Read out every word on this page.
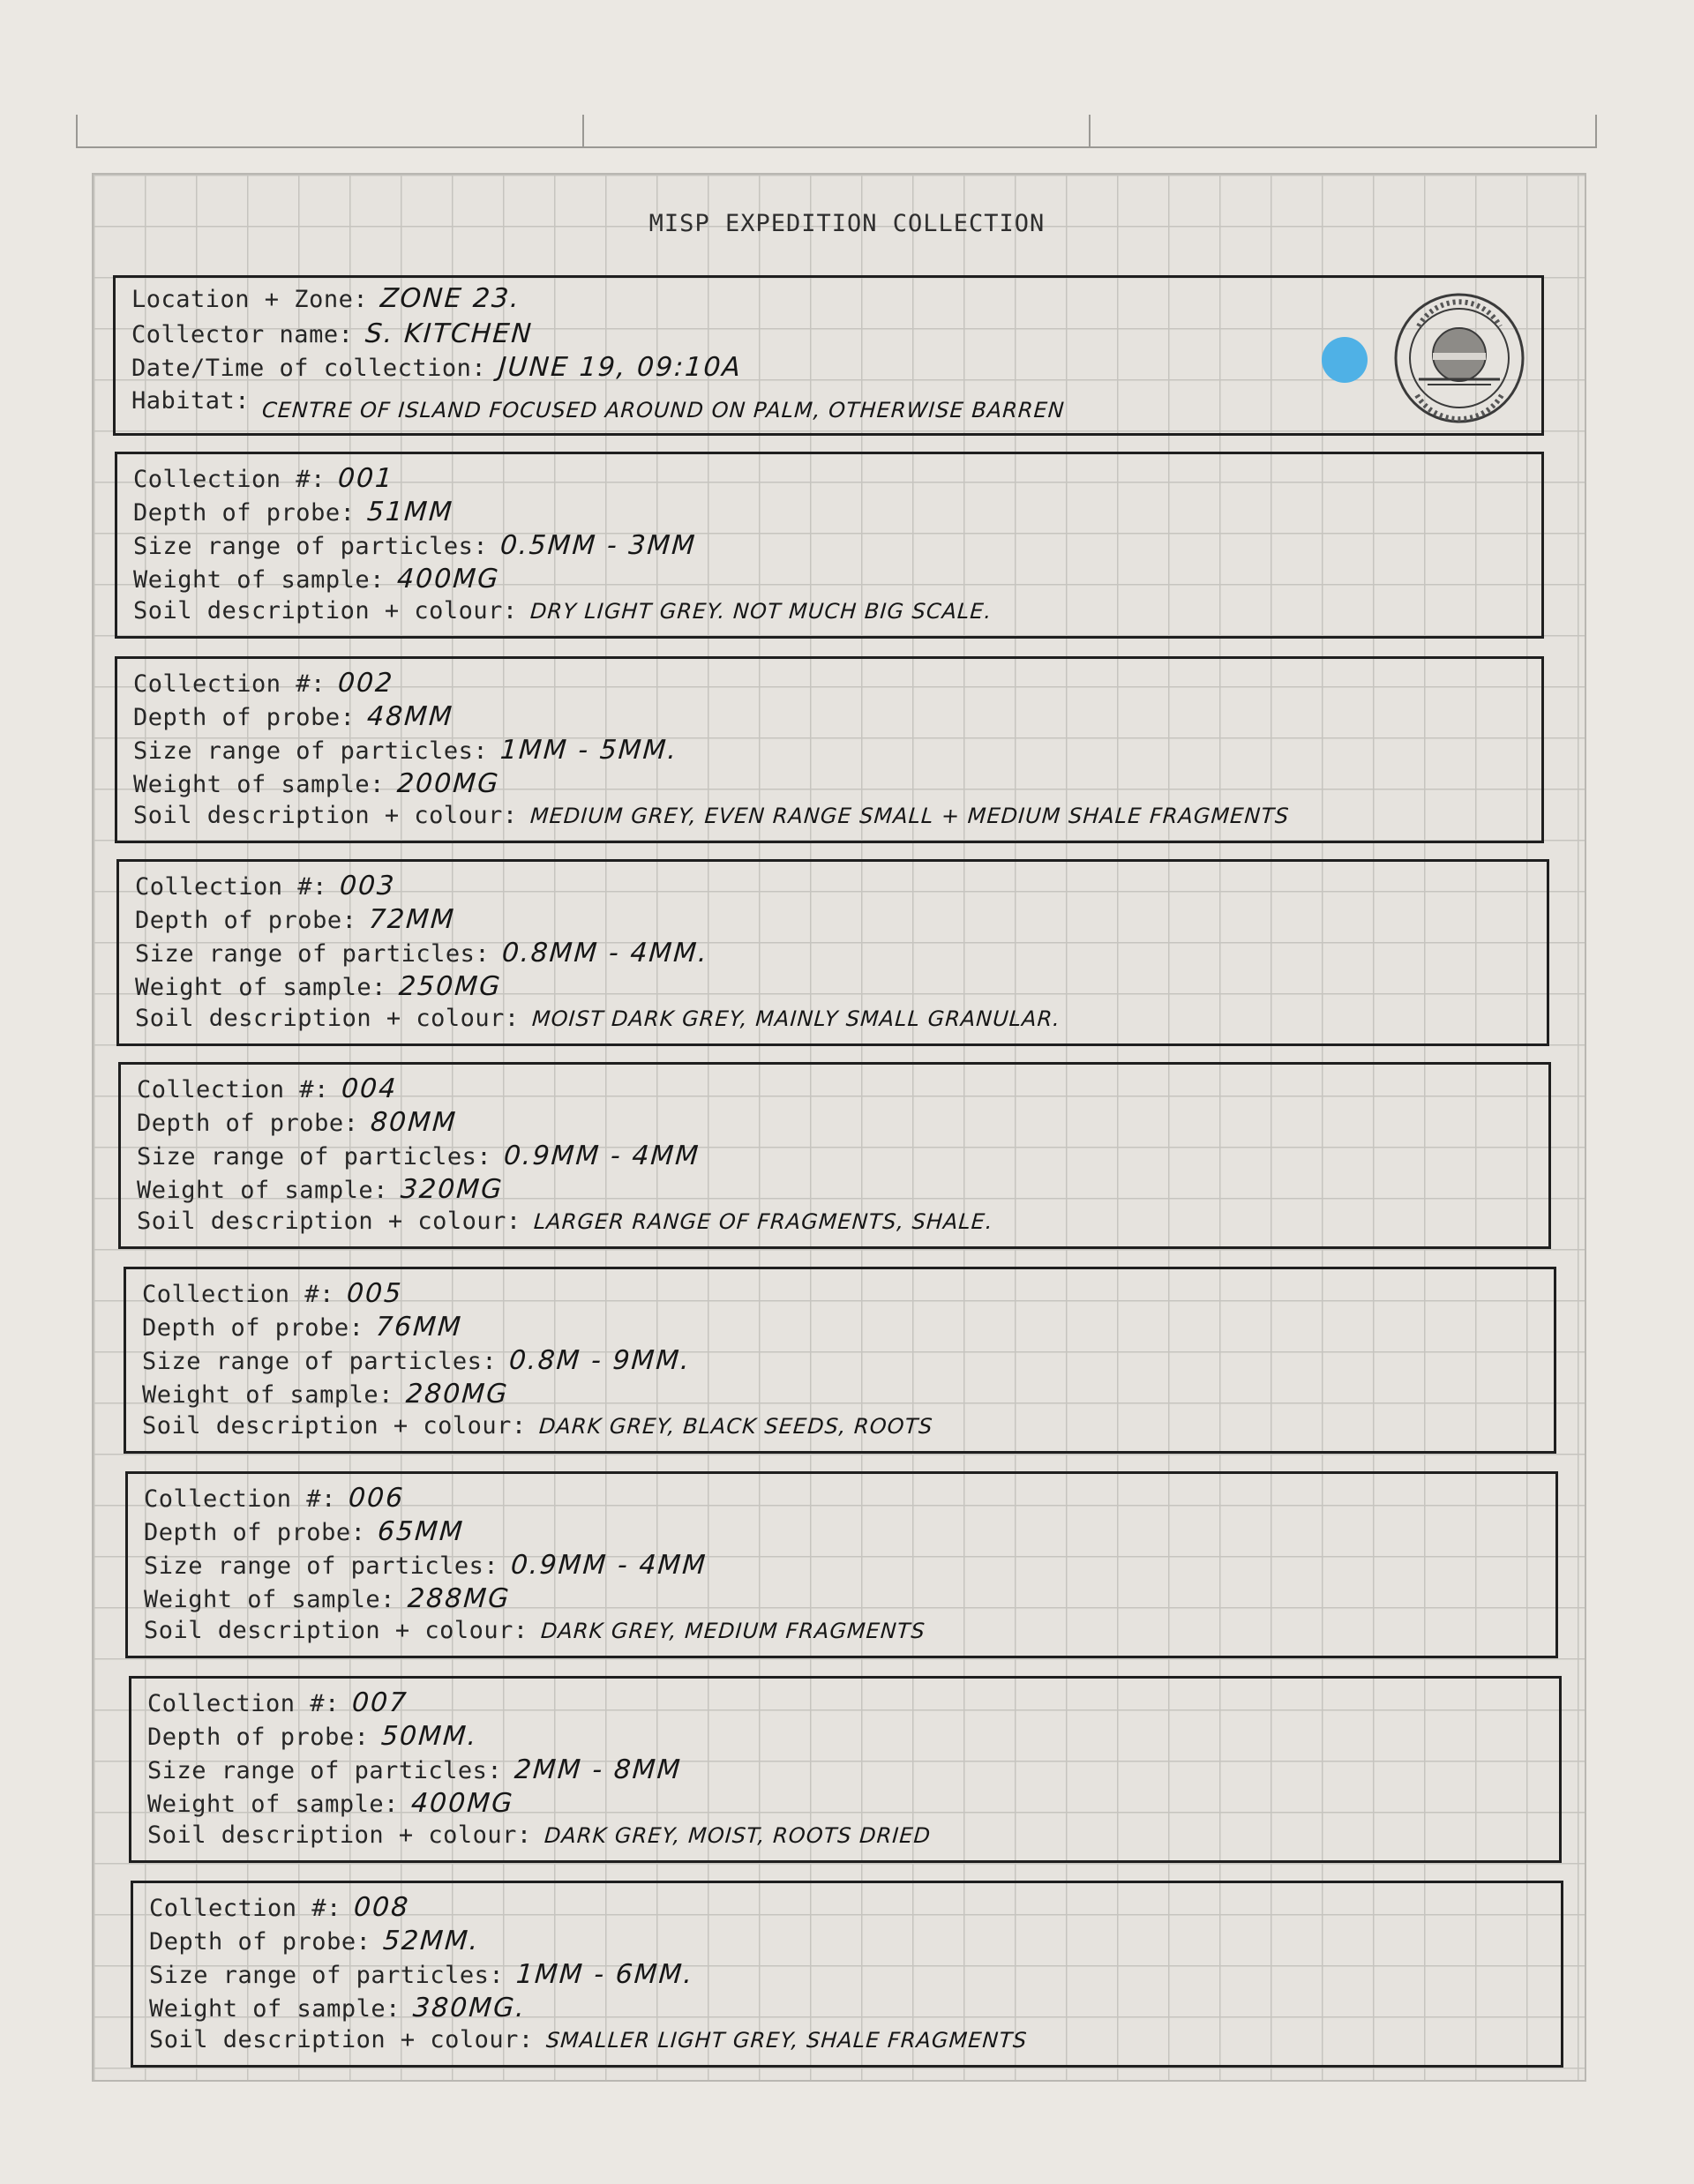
MISP EXPEDITION COLLECTION
Location + Zone: ZONE 23.
Collector name: S. KITCHEN
Date/Time of collection: JUNE 19, 09:10A
Habitat: CENTRE OF ISLAND FOCUSED AROUND ON PALM, OTHERWISE BARREN
Collection #: 001
Depth of probe: 51MM
Size range of particles: 0.5MM - 3MM
Weight of sample: 400MG
Soil description + colour: DRY LIGHT GREY. NOT MUCH BIG SCALE.
Collection #: 002
Depth of probe: 48MM
Size range of particles: 1MM - 5MM.
Weight of sample: 200MG
Soil description + colour: MEDIUM GREY, EVEN RANGE SMALL + MEDIUM SHALE FRAGMENTS
Collection #: 003
Depth of probe: 72MM
Size range of particles: 0.8MM - 4MM.
Weight of sample: 250MG
Soil description + colour: MOIST DARK GREY, MAINLY SMALL GRANULAR.
Collection #: 004
Depth of probe: 80MM
Size range of particles: 0.9MM - 4MM
Weight of sample: 320MG
Soil description + colour: LARGER RANGE OF FRAGMENTS, SHALE.
Collection #: 005
Depth of probe: 76MM
Size range of particles: 0.8M - 9MM.
Weight of sample: 280MG
Soil description + colour: DARK GREY, BLACK SEEDS, ROOTS
Collection #: 006
Depth of probe: 65MM
Size range of particles: 0.9MM - 4MM
Weight of sample: 288MG
Soil description + colour: DARK GREY, MEDIUM FRAGMENTS
Collection #: 007
Depth of probe: 50MM.
Size range of particles: 2MM - 8MM
Weight of sample: 400MG
Soil description + colour: DARK GREY, MOIST, ROOTS DRIED
Collection #: 008
Depth of probe: 52MM.
Size range of particles: 1MM - 6MM.
Weight of sample: 380MG.
Soil description + colour: SMALLER LIGHT GREY, SHALE FRAGMENTS
